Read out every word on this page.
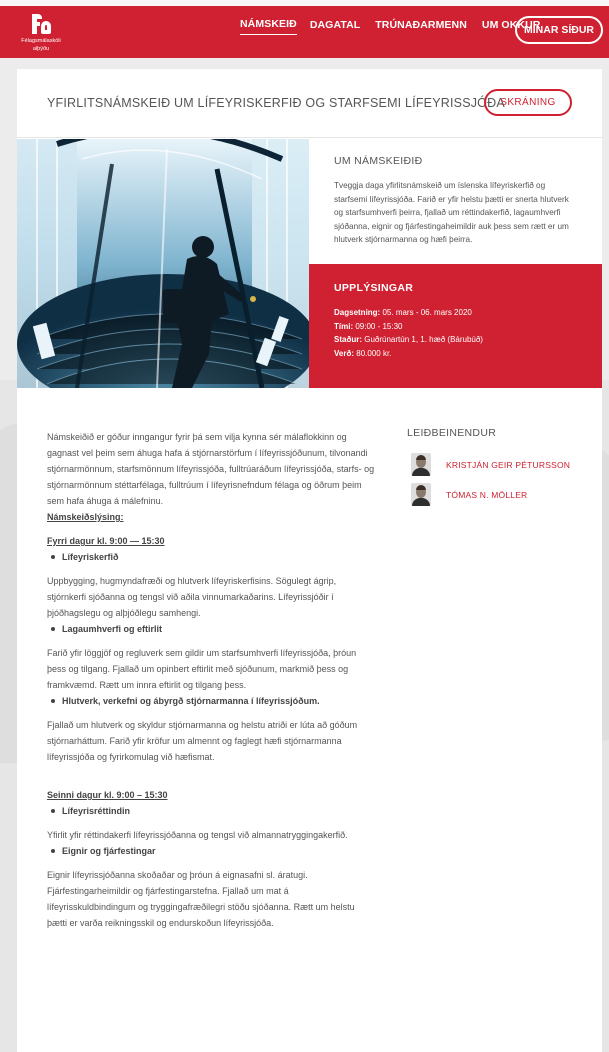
Félagsmálaskóli
alþýðu
NÁMSKEIÐ DAGATAL TRÚNAÐARMENN UM OKKUR
MÍNAR SÍÐUR
YFIRLITSNÁMSKEIÐ UM LÍFEYRISKERFIÐ OG STARFSEMI LÍFEYRISSJÓÐA
SKRÁNING
UM NÁMSKEIÐIÐ

Tveggja daga yfirlitsnámskeið um íslenska lífeyriskerfið og starfsemi lífeyrissjóða. Farið er yfir helstu þætti er snerta hlutverk og starfsumhverfi þeirra, fjallað um réttindakerfið, lagaumhverfi sjóðanna, eignir og fjárfestingaheimildir auk þess sem rætt er um hlutverk stjórnarmanna og hæfi þeirra.

UPPLÝSINGAR
Dagsetning: 05. mars - 06. mars 2020
Tími: 09:00 - 15:30
Staður: Guðrúnartún 1, 1. hæð (Bárubúð)
Verð: 80.000 kr.

Námskeiðið er góður inngangur fyrir þá sem vilja kynna sér málaflokkinn og gagnast vel þeim sem áhuga hafa á stjórnarstörfum í lífeyrissjóðunum, tilvonandi stjórnarmönnum, starfsmönnum lífeyrissjóða, fulltrúaráðum lífeyrissjóða, starfs- og stjórnarmönnum stéttarfélaga, fulltrúum í lífeyrisnefndum félaga og öðrum þeim sem hafa áhuga á málefninu.

Námskeiðslýsing:

Fyrri dagur kl. 9:00 — 15:30

Lífeyriskerfið

Uppbygging, hugmyndafræði og hlutverk lífeyriskerfisins. Sögulegt ágrip, stjórnkerfi sjóðanna og tengsl við aðila vinnumarkaðarins. Lífeyrissjóðir í þjóðhagslegu og alþjóðlegu samhengi.

Lagaumhverfi og eftirlit

Farið yfir löggjöf og regluverk sem gildir um starfsumhverfi lífeyrissjóða, þróun þess og tilgang. Fjallað um opinbert eftirlit með sjóðunum, markmið þess og framkvæmd. Rætt um innra eftirlit og tilgang þess.

Hlutverk, verkefni og ábyrgð stjórnarmanna í lífeyrissjóðum.

Fjallað um hlutverk og skyldur stjórnarmanna og helstu atriði er lúta að góðum stjórnarháttum. Farið yfir kröfur um almennt og faglegt hæfi stjórnarmanna lífeyrissjóða og fyrirkomulag við hæfismat.

Seinni dagur kl. 9:00 – 15:30

Lífeyrisréttindin

Yfirlit yfir réttindakerfi lífeyrissjóðanna og tengsl við almannatryggingakerfið.

Eignir og fjárfestingar

Eignir lífeyrissjóðanna skoðaðar og þróun á eignasafni sl. áratugi. Fjárfestingarheimildir og fjárfestingarstefna. Fjallað um mat á lífeyrisskuldbindingum og tryggingafræðilegri stöðu sjóðanna. Rætt um helstu þætti er varða reikningsskil og endurskoðun lífeyrissjóða.

LEIÐBEINENDUR
KRISTJÁN GEIR PÉTURSSON
TÓMAS N. MÖLLER
